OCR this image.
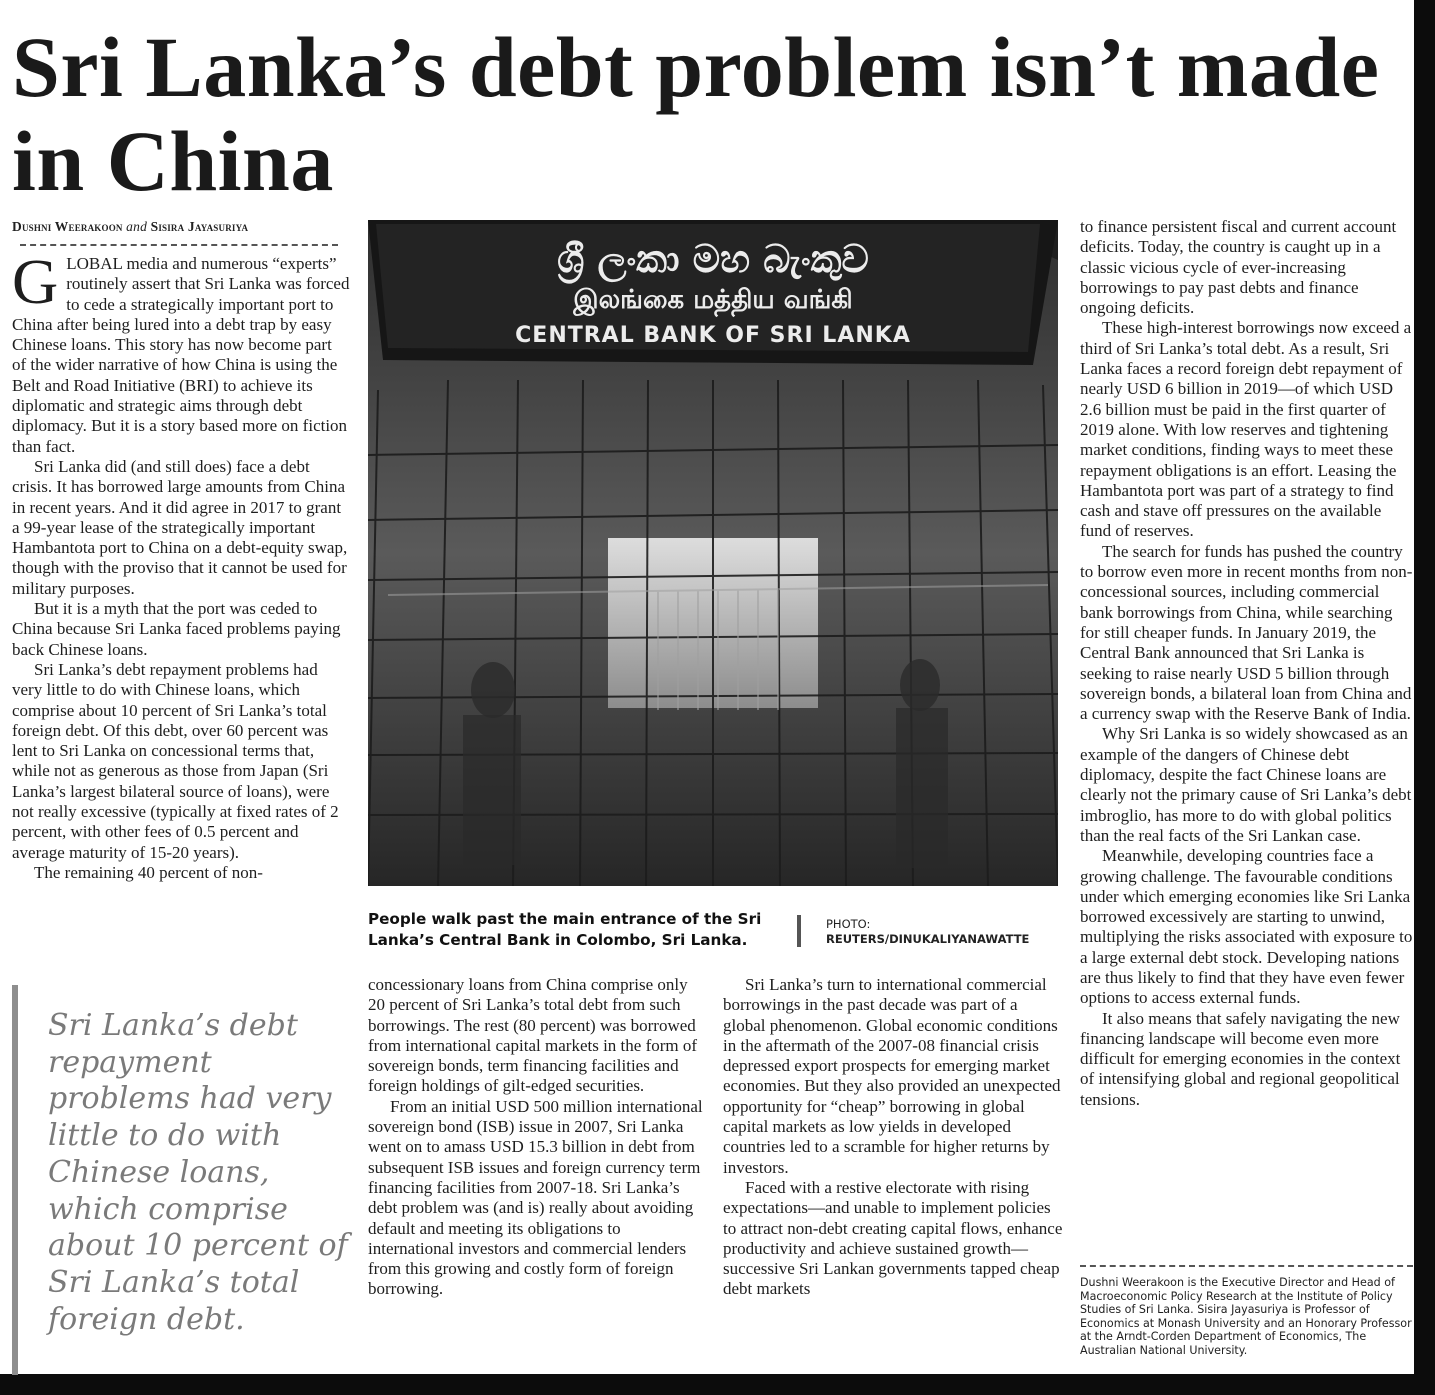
Sri Lanka’s debt problem isn’t made in China
Dushni Weerakoon and Sisira Jayasuriya

GLOBAL media and numerous “experts” routinely assert that Sri Lanka was forced to cede a strategically important port to China after being lured into a debt trap by easy Chinese loans. This story has now become part of the wider narrative of how China is using the Belt and Road Initiative (BRI) to achieve its diplomatic and strategic aims through debt diplomacy. But it is a story based more on fiction than fact.

Sri Lanka did (and still does) face a debt crisis. It has borrowed large amounts from China in recent years. And it did agree in 2017 to grant a 99-year lease of the strategically important Hambantota port to China on a debt-equity swap, though with the proviso that it cannot be used for military purposes.

But it is a myth that the port was ceded to China because Sri Lanka faced problems paying back Chinese loans.

Sri Lanka’s debt repayment problems had very little to do with Chinese loans, which comprise about 10 percent of Sri Lanka’s total foreign debt. Of this debt, over 60 percent was lent to Sri Lanka on concessional terms that, while not as generous as those from Japan (Sri Lanka’s largest bilateral source of loans), were not really excessive (typically at fixed rates of 2 percent, with other fees of 0.5 percent and average maturity of 15-20 years).

The remaining 40 percent of non-

ශ්‍රී ලංකා මහ බැංකුව
இலங்கை மத்திய வங்கி
CENTRAL BANK OF SRI LANKA
People walk past the main entrance of the Sri Lanka’s Central Bank in Colombo, Sri Lanka.
PHOTO:
REUTERS/DINUKALIYANAWATTE

concessionary loans from China comprise only 20 percent of Sri Lanka’s total debt from such borrowings. The rest (80 percent) was borrowed from international capital markets in the form of sovereign bonds, term financing facilities and foreign holdings of gilt-edged securities.

From an initial USD 500 million international sovereign bond (ISB) issue in 2007, Sri Lanka went on to amass USD 15.3 billion in debt from subsequent ISB issues and foreign currency term financing facilities from 2007-18. Sri Lanka’s debt problem was (and is) really about avoiding default and meeting its obligations to international investors and commercial lenders from this growing and costly form of foreign borrowing.

Sri Lanka’s turn to international commercial borrowings in the past decade was part of a global phenomenon. Global economic conditions in the aftermath of the 2007-08 financial crisis depressed export prospects for emerging market economies. But they also provided an unexpected opportunity for “cheap” borrowing in global capital markets as low yields in developed countries led to a scramble for higher returns by investors.

Faced with a restive electorate with rising expectations—and unable to implement policies to attract non-debt creating capital flows, enhance productivity and achieve sustained growth—successive Sri Lankan governments tapped cheap debt markets

to finance persistent fiscal and current account deficits. Today, the country is caught up in a classic vicious cycle of ever-increasing borrowings to pay past debts and finance ongoing deficits.

These high-interest borrowings now exceed a third of Sri Lanka’s total debt. As a result, Sri Lanka faces a record foreign debt repayment of nearly USD 6 billion in 2019—of which USD 2.6 billion must be paid in the first quarter of 2019 alone. With low reserves and tightening market conditions, finding ways to meet these repayment obligations is an effort. Leasing the Hambantota port was part of a strategy to find cash and stave off pressures on the available fund of reserves.

The search for funds has pushed the country to borrow even more in recent months from non-concessional sources, including commercial bank borrowings from China, while searching for still cheaper funds. In January 2019, the Central Bank announced that Sri Lanka is seeking to raise nearly USD 5 billion through sovereign bonds, a bilateral loan from China and a currency swap with the Reserve Bank of India.

Why Sri Lanka is so widely showcased as an example of the dangers of Chinese debt diplomacy, despite the fact Chinese loans are clearly not the primary cause of Sri Lanka’s debt imbroglio, has more to do with global politics than the real facts of the Sri Lankan case.

Meanwhile, developing countries face a growing challenge. The favourable conditions under which emerging economies like Sri Lanka borrowed excessively are starting to unwind, multiplying the risks associated with exposure to a large external debt stock. Developing nations are thus likely to find that they have even fewer options to access external funds.

It also means that safely navigating the new financing landscape will become even more difficult for emerging economies in the context of intensifying global and regional geopolitical tensions.

Sri Lanka’s debt repayment problems had very little to do with Chinese loans, which comprise about 10 percent of Sri Lanka’s total foreign debt.
Dushni Weerakoon is the Executive Director and Head of Macroeconomic Policy Research at the Institute of Policy Studies of Sri Lanka. Sisira Jayasuriya is Professor of Economics at Monash University and an Honorary Professor at the Arndt-Corden Department of Economics, The Australian National University.
